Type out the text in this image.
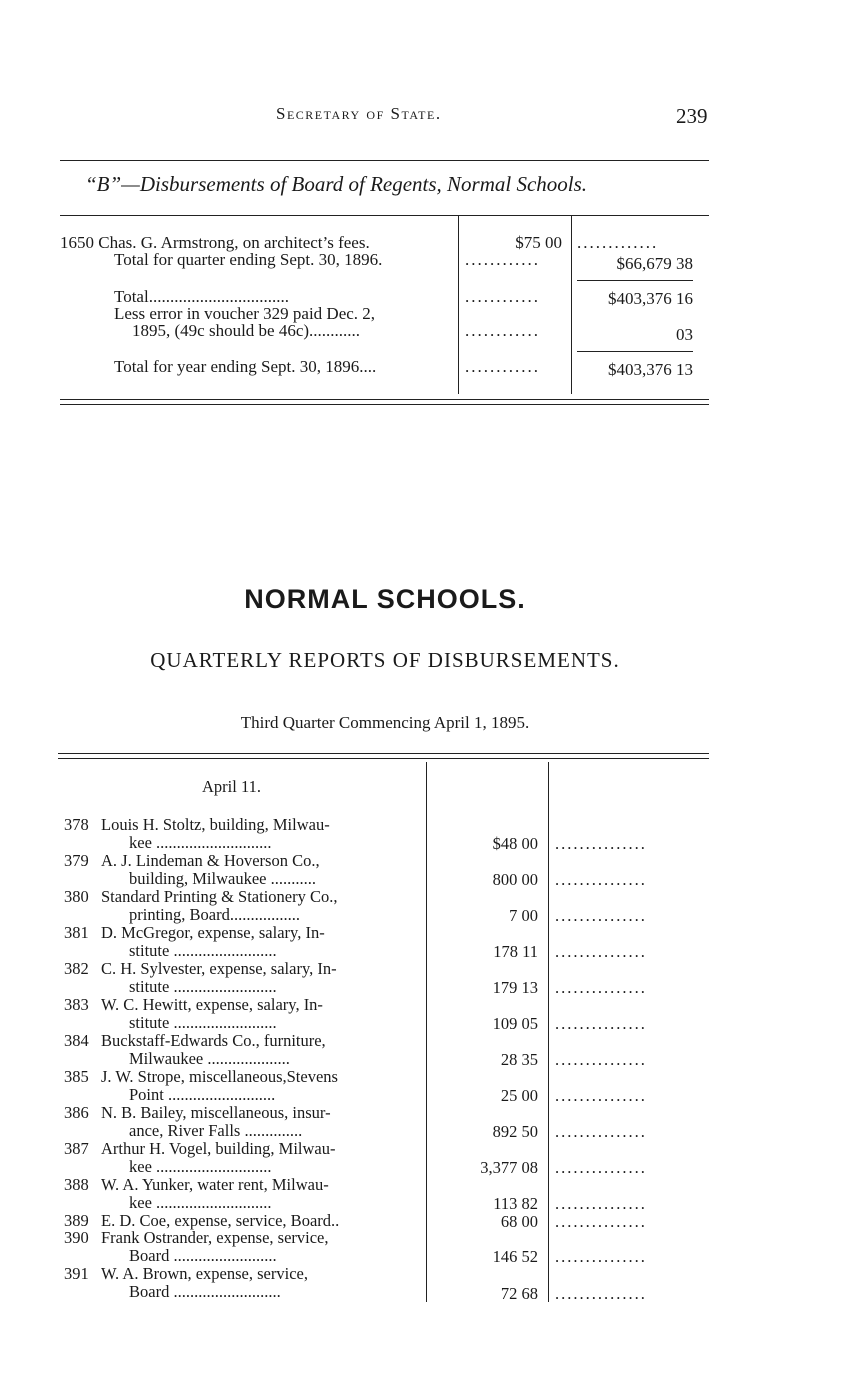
Secretary of State.	239
“B”—Disbursements of Board of Regents, Normal Schools.
1650 Chas. G. Armstrong, on architect’s fees.	$75 00 .............
Total for quarter ending Sept. 30, 1896.	............	$66,679 38
Total.................................	............	$403,376 16
Less error in voucher 329 paid Dec. 2,
1895, (49c should be 46c)............	............	03
Total for year ending Sept. 30, 1896....	............	$403,376 13
NORMAL SCHOOLS.
QUARTERLY REPORTS OF DISBURSEMENTS.
Third Quarter Commencing April 1, 1895.
April 11.
378 Louis H. Stoltz, building, Milwau-
kee ............................	$48 00 ...............
379 A. J. Lindeman & Hoverson Co.,
building, Milwaukee ...........	800 00 ...............
380 Standard Printing & Stationery Co.,
printing, Board.................	7 00 ...............
381 D. McGregor, expense, salary, In-
stitute .........................	178 11 ...............
382 C. H. Sylvester, expense, salary, In-
stitute .........................	179 13 ...............
383 W. C. Hewitt, expense, salary, In-
stitute .........................	109 05 ...............
384 Buckstaff-Edwards Co., furniture,
Milwaukee ....................	28 35 ...............
385 J. W. Strope, miscellaneous,Stevens
Point ..........................	25 00 ...............
386 N. B. Bailey, miscellaneous, insur-
ance, River Falls ..............	892 50 ...............
387 Arthur H. Vogel, building, Milwau-
kee ............................	3,377 08 ...............
388 W. A. Yunker, water rent, Milwau-
kee ............................	113 82 ...............
389 E. D. Coe, expense, service, Board..	68 00 ...............
390 Frank Ostrander, expense, service,
Board .........................	146 52 ...............
391 W. A. Brown, expense, service,
Board ..........................	72 68 ...............
